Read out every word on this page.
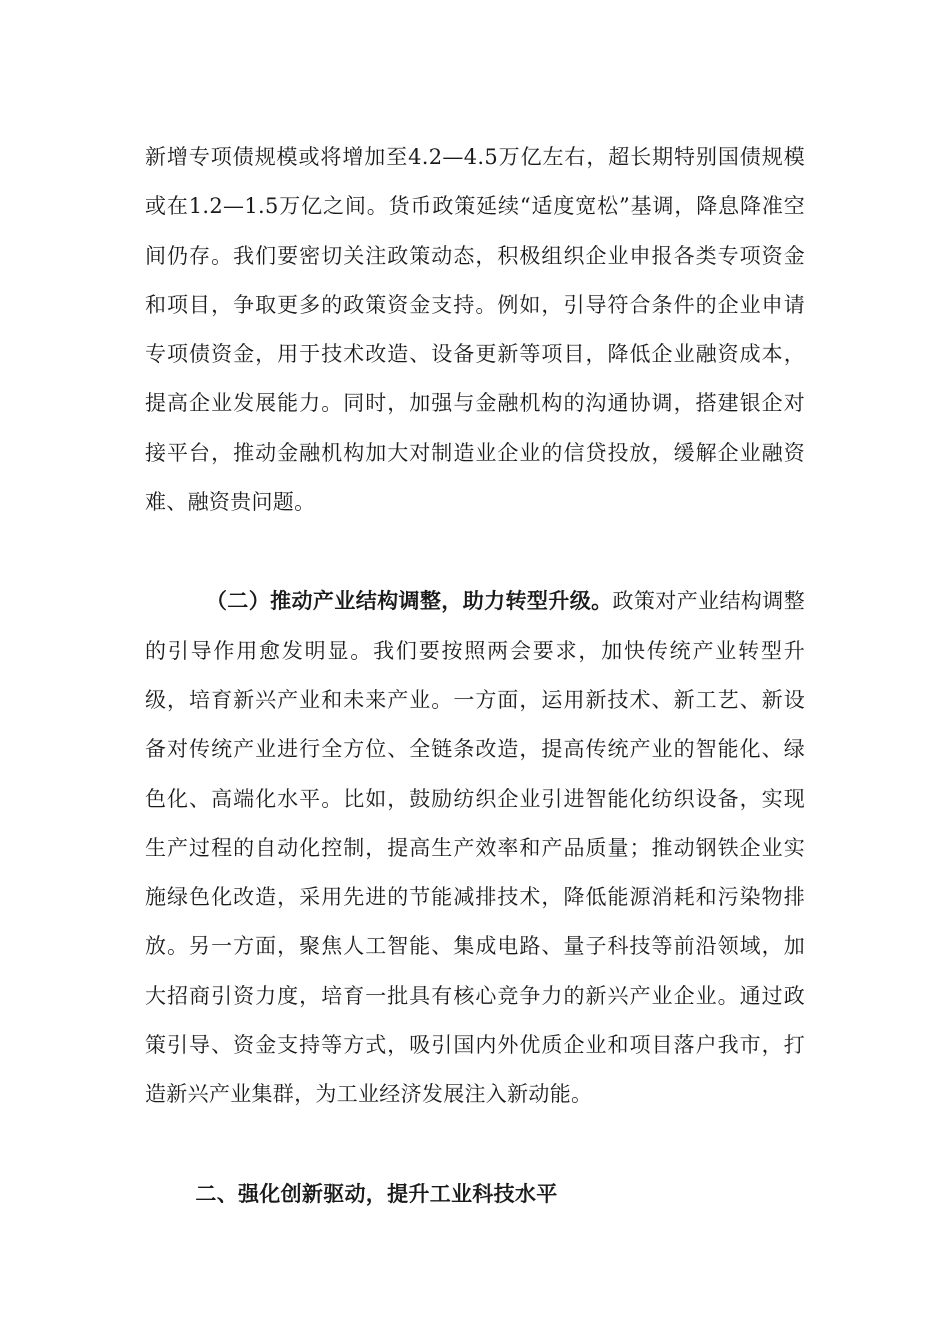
新增专项债规模或将增加至4.2—4.5万亿左右，超长期特别国债规模或在1.2—1.5万亿之间。货币政策延续“适度宽松”基调，降息降准空间仍存。我们要密切关注政策动态，积极组织企业申报各类专项资金和项目，争取更多的政策资金支持。例如，引导符合条件的企业申请专项债资金，用于技术改造、设备更新等项目，降低企业融资成本，提高企业发展能力。同时，加强与金融机构的沟通协调，搭建银企对接平台，推动金融机构加大对制造业企业的信贷投放，缓解企业融资难、融资贵问题。

（二）推动产业结构调整，助力转型升级。政策对产业结构调整的引导作用愈发明显。我们要按照两会要求，加快传统产业转型升级，培育新兴产业和未来产业。一方面，运用新技术、新工艺、新设备对传统产业进行全方位、全链条改造，提高传统产业的智能化、绿色化、高端化水平。比如，鼓励纺织企业引进智能化纺织设备，实现生产过程的自动化控制，提高生产效率和产品质量；推动钢铁企业实施绿色化改造，采用先进的节能减排技术，降低能源消耗和污染物排放。另一方面，聚焦人工智能、集成电路、量子科技等前沿领域，加大招商引资力度，培育一批具有核心竞争力的新兴产业企业。通过政策引导、资金支持等方式，吸引国内外优质企业和项目落户我市，打造新兴产业集群，为工业经济发展注入新动能。

二、强化创新驱动，提升工业科技水平
